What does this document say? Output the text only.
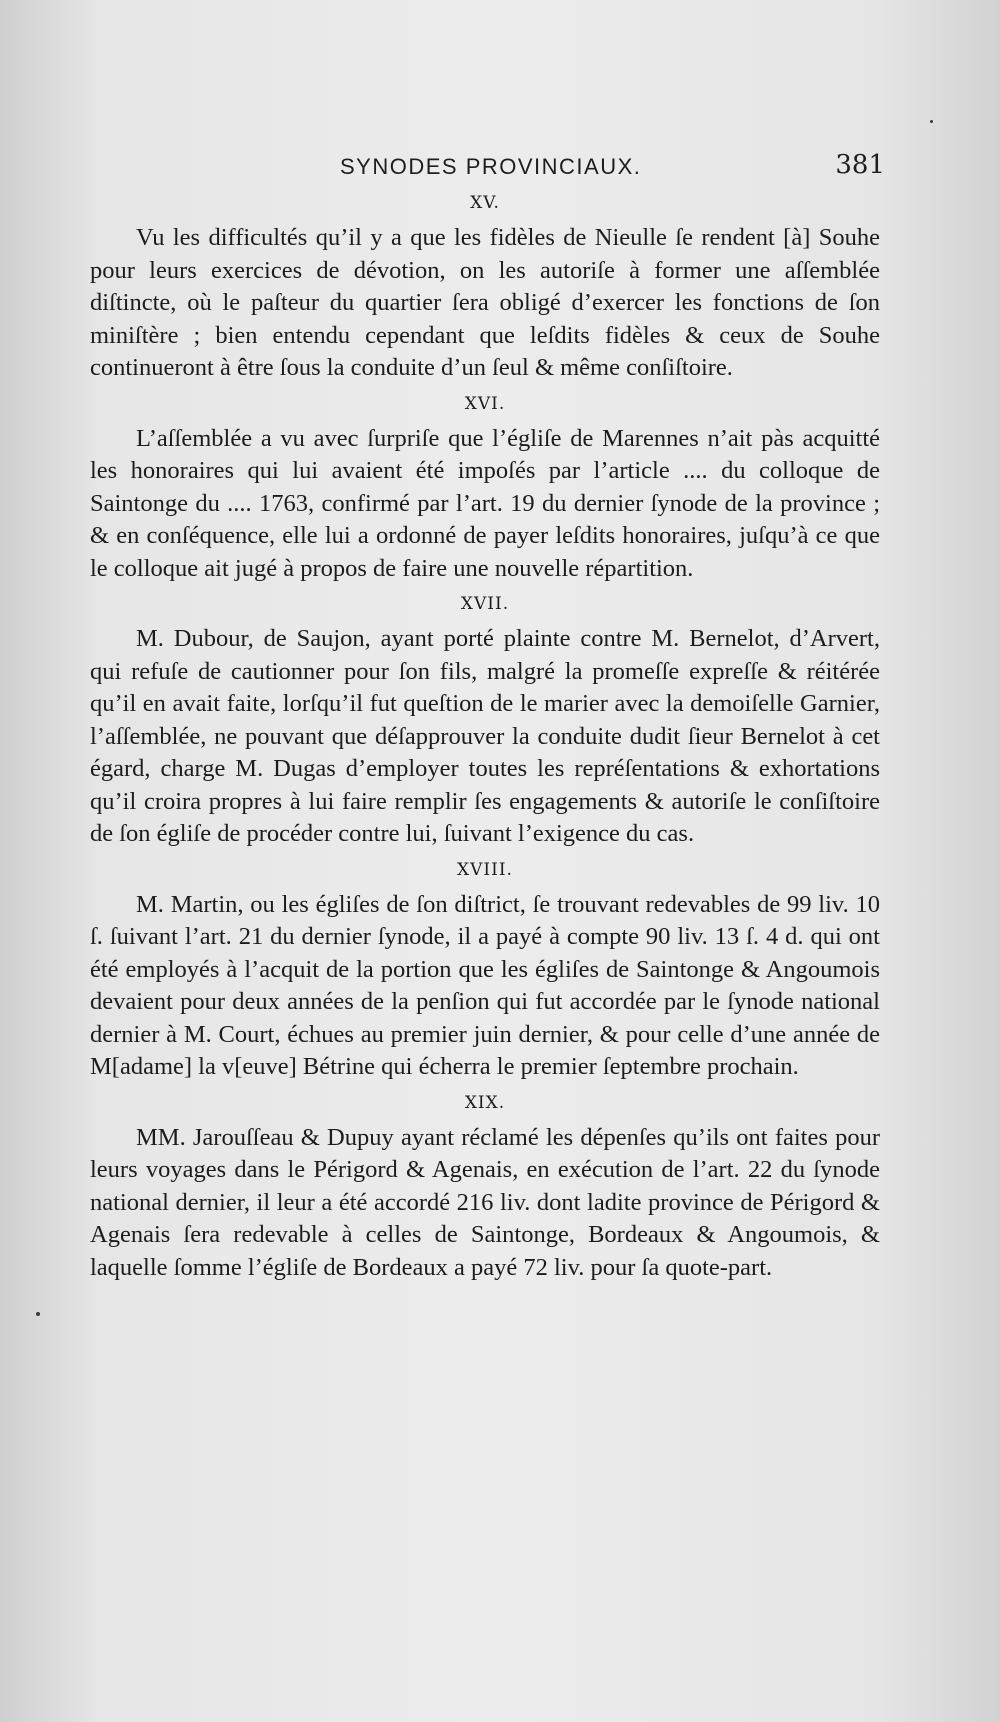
SYNODES PROVINCIAUX.	381
XV.

Vu les difficultés qu’il y a que les fidèles de Nieulle ſe rendent [à] Souhe pour leurs exercices de dévotion, on les autoriſe à former une aſſemblée diſtincte, où le paſteur du quartier ſera obligé d’exercer les fonctions de ſon miniſtère ; bien entendu cependant que leſdits fidèles & ceux de Souhe continueront à être ſous la conduite d’un ſeul & même conſiſtoire.

XVI.

L’aſſemblée a vu avec ſurpriſe que l’égliſe de Marennes n’ait pàs acquitté les honoraires qui lui avaient été impoſés par l’article .... du colloque de Saintonge du .... 1763, confirmé par l’art. 19 du dernier ſynode de la province ; & en conſéquence, elle lui a ordonné de payer leſdits honoraires, juſqu’à ce que le colloque ait jugé à propos de faire une nouvelle répartition.

XVII.

M. Dubour, de Saujon, ayant porté plainte contre M. Bernelot, d’Arvert, qui refuſe de cautionner pour ſon fils, malgré la promeſſe expreſſe & réitérée qu’il en avait faite, lorſqu’il fut queſtion de le marier avec la demoiſelle Garnier, l’aſſemblée, ne pouvant que déſapprouver la conduite dudit ſieur Bernelot à cet égard, charge M. Dugas d’employer toutes les repréſentations & exhortations qu’il croira propres à lui faire remplir ſes engagements & autoriſe le conſiſtoire de ſon égliſe de procéder contre lui, ſuivant l’exigence du cas.

XVIII.

M. Martin, ou les égliſes de ſon diſtrict, ſe trouvant redevables de 99 liv. 10 ſ. ſuivant l’art. 21 du dernier ſynode, il a payé à compte 90 liv. 13 ſ. 4 d. qui ont été employés à l’acquit de la portion que les égliſes de Saintonge & Angoumois devaient pour deux années de la penſion qui fut accordée par le ſynode national dernier à M. Court, échues au premier juin dernier, & pour celle d’une année de M[adame] la v[euve] Bétrine qui écherra le premier ſeptembre prochain.

XIX.

MM. Jarouſſeau & Dupuy ayant réclamé les dépenſes qu’ils ont faites pour leurs voyages dans le Périgord & Agenais, en exécution de l’art. 22 du ſynode national dernier, il leur a été accordé 216 liv. dont ladite province de Périgord & Agenais ſera redevable à celles de Saintonge, Bordeaux & Angoumois, & laquelle ſomme l’égliſe de Bordeaux a payé 72 liv. pour ſa quote-part.
